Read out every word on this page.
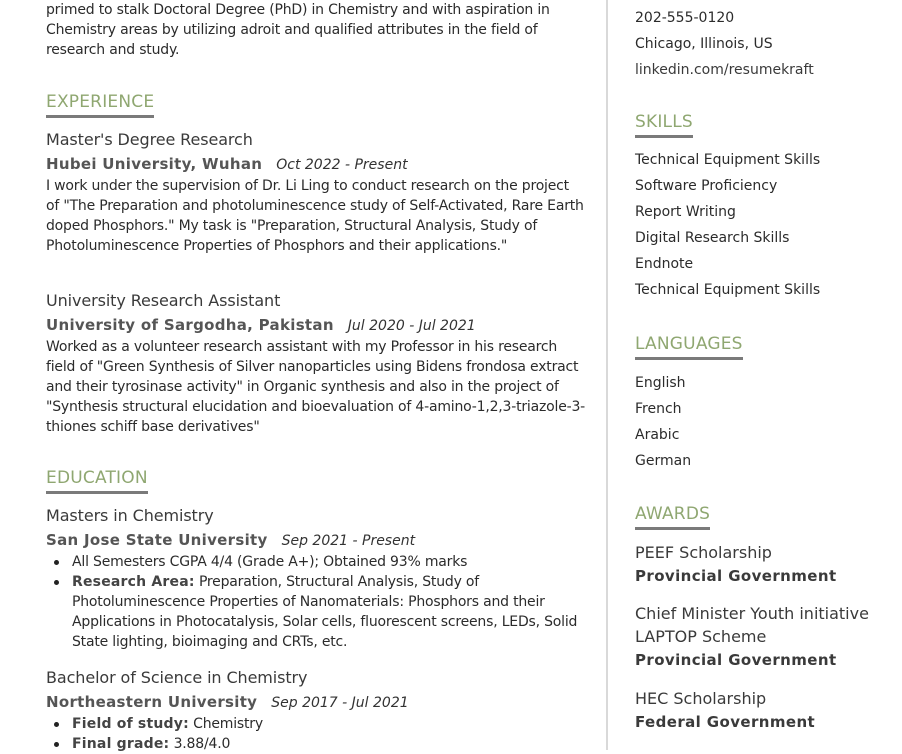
primed to stalk Doctoral Degree (PhD) in Chemistry and with aspiration in
Chemistry areas by utilizing adroit and qualified attributes in the field of
research and study.
EXPERIENCE
Master's Degree Research
Hubei University, Wuhan Oct 2022 - Present
I work under the supervision of Dr. Li Ling to conduct research on the project of "The Preparation and photoluminescence study of Self-Activated, Rare Earth doped Phosphors." My task is "Preparation, Structural Analysis, Study of Photoluminescence Properties of Phosphors and their applications."
University Research Assistant
University of Sargodha, Pakistan Jul 2020 - Jul 2021
Worked as a volunteer research assistant with my Professor in his research field of "Green Synthesis of Silver nanoparticles using Bidens frondosa extract and their tyrosinase activity" in Organic synthesis and also in the project of "Synthesis structural elucidation and bioevaluation of 4-amino-1,2,3-triazole-3-thiones schiff base derivatives"
EDUCATION
Masters in Chemistry
San Jose State University Sep 2021 - Present
All Semesters CGPA 4/4 (Grade A+); Obtained 93% marks
Research Area: Preparation, Structural Analysis, Study of Photoluminescence Properties of Nanomaterials: Phosphors and their Applications in Photocatalysis, Solar cells, fluorescent screens, LEDs, Solid State lighting, bioimaging and CRTs, etc.
Bachelor of Science in Chemistry
Northeastern University Sep 2017 - Jul 2021
Field of study: Chemistry
Final grade: 3.88/4.0
202-555-0120
Chicago, Illinois, US
linkedin.com/resumekraft
SKILLS
Technical Equipment Skills
Software Proficiency
Report Writing
Digital Research Skills
Endnote
Technical Equipment Skills
LANGUAGES
English
French
Arabic
German
AWARDS
PEEF Scholarship
Provincial Government
Chief Minister Youth initiative LAPTOP Scheme
Provincial Government
HEC Scholarship
Federal Government
